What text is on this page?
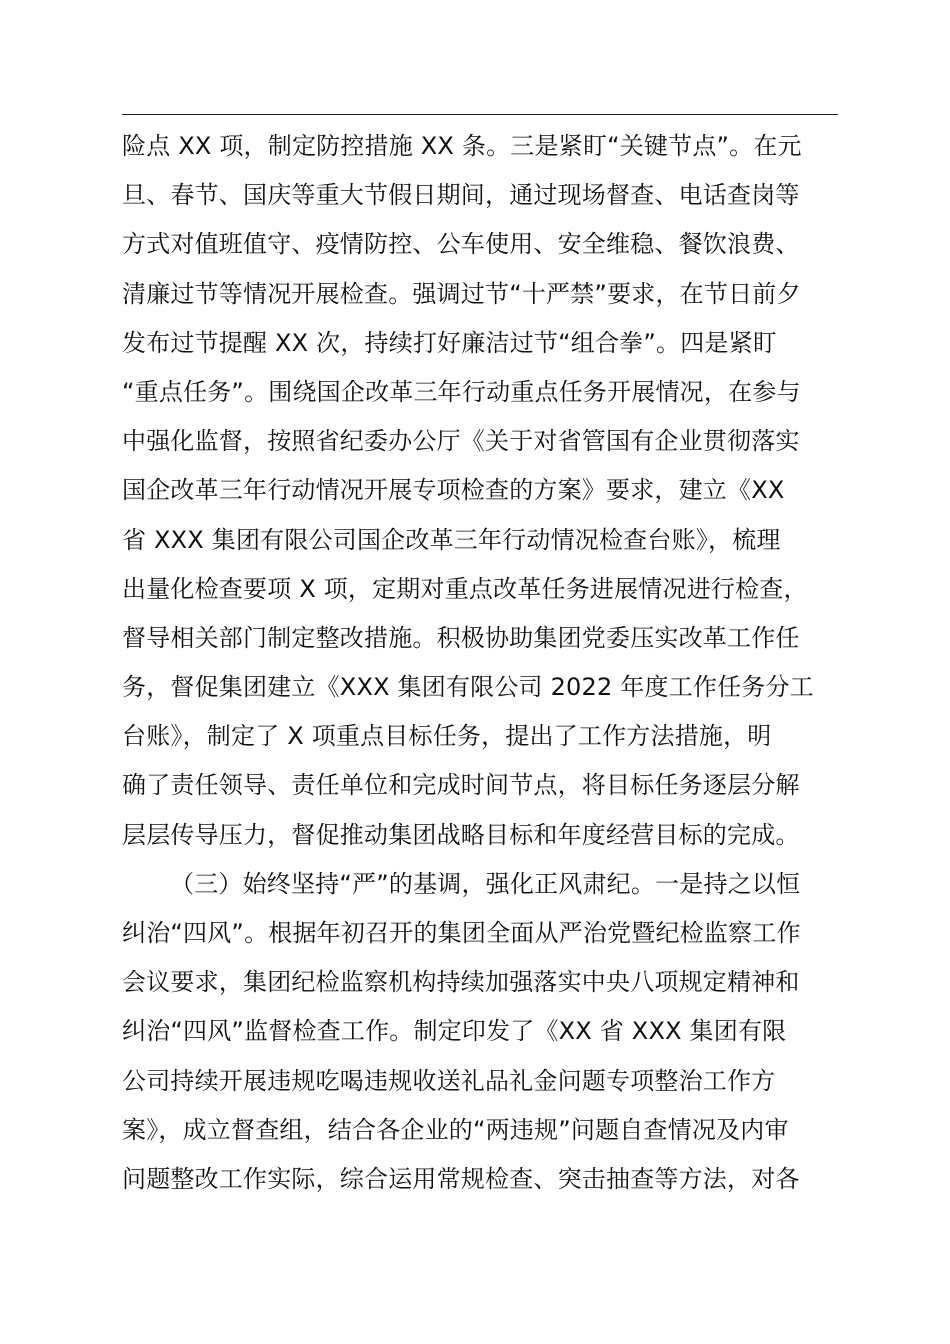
险点 XX 项，制定防控措施 XX 条。三是紧盯“关键节点”。在元
旦、春节、国庆等重大节假日期间，通过现场督查、电话查岗等
方式对值班值守、疫情防控、公车使用、安全维稳、餐饮浪费、
清廉过节等情况开展检查。强调过节“十严禁”要求，在节日前夕
发布过节提醒 XX 次，持续打好廉洁过节“组合拳”。四是紧盯
“重点任务”。围绕国企改革三年行动重点任务开展情况，在参与
中强化监督，按照省纪委办公厅《关于对省管国有企业贯彻落实
国企改革三年行动情况开展专项检查的方案》要求，建立《XX
省 XXX 集团有限公司国企改革三年行动情况检查台账》，梳理
出量化检查要项 X 项，定期对重点改革任务进展情况进行检查，
督导相关部门制定整改措施。积极协助集团党委压实改革工作任
务，督促集团建立《XXX 集团有限公司 2022 年度工作任务分工
台账》，制定了 X 项重点目标任务，提出了工作方法措施，明
确了责任领导、责任单位和完成时间节点，将目标任务逐层分解
层层传导压力，督促推动集团战略目标和年度经营目标的完成。
（三）始终坚持“严”的基调，强化正风肃纪。一是持之以恒
纠治“四风”。根据年初召开的集团全面从严治党暨纪检监察工作
会议要求，集团纪检监察机构持续加强落实中央八项规定精神和
纠治“四风”监督检查工作。制定印发了《XX 省 XXX 集团有限
公司持续开展违规吃喝违规收送礼品礼金问题专项整治工作方
案》，成立督查组，结合各企业的“两违规”问题自查情况及内审
问题整改工作实际，综合运用常规检查、突击抽查等方法，对各
